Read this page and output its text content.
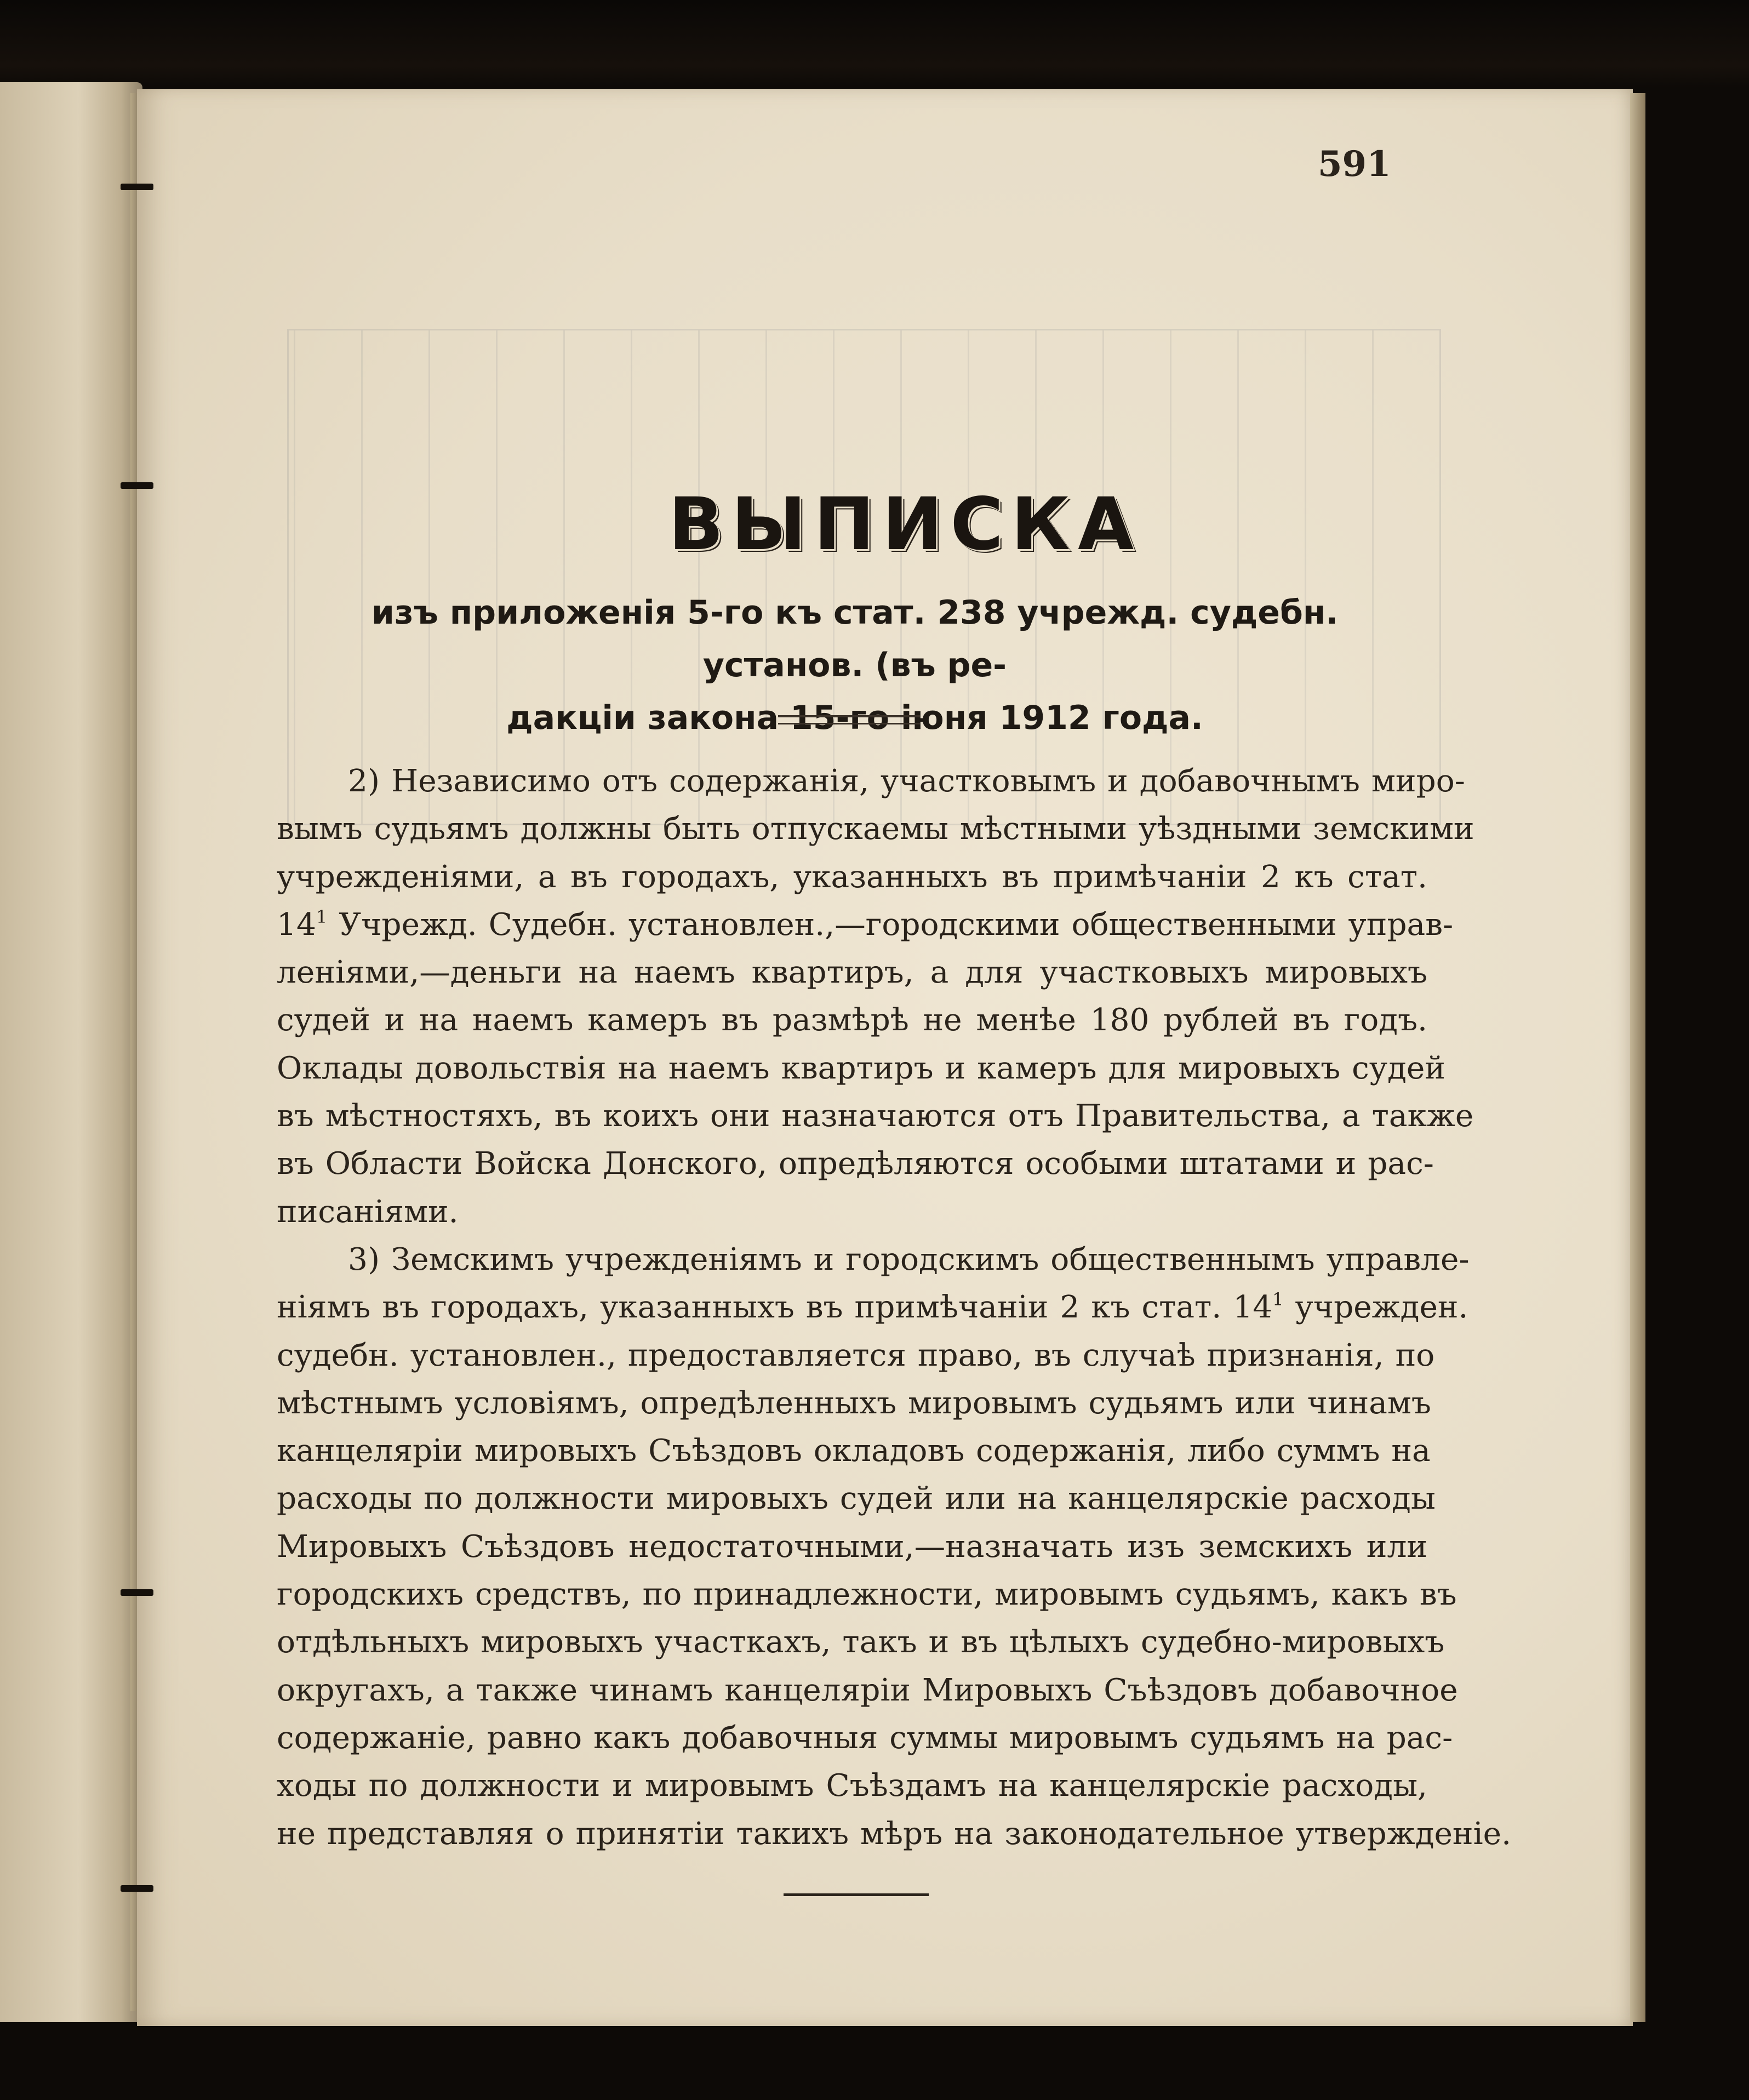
591
ВЫПИСКА
изъ приложенія 5-го къ стат. 238 учрежд. судебн. установ. (въ ре-
дакціи закона 15-го іюня 1912 года.
2) Независимо отъ содержанія, участковымъ и добавочнымъ миро-
вымъ судьямъ должны быть отпускаемы мѣстными уѣздными земскими
учрежденіями, а въ городахъ, указанныхъ въ примѣчаніи 2 къ стат.
$14^1$ Учрежд. Судебн. установлен.,—городскими общественными управ-
леніями,—деньги на наемъ квартиръ, а для участковыхъ мировыхъ
судей и на наемъ камеръ въ размѣрѣ не менѣе 180 рублей въ годъ.
Оклады довольствія на наемъ квартиръ и камеръ для мировыхъ судей
въ мѣстностяхъ, въ коихъ они назначаются отъ Правительства, а также
въ Области Войска Донского, опредѣляются особыми штатами и рас-
писаніями.
3) Земскимъ учрежденіямъ и городскимъ общественнымъ управле-
ніямъ въ городахъ, указанныхъ въ примѣчаніи 2 къ стат. $14^1$ учрежден.
судебн. установлен., предоставляется право, въ случаѣ признанія, по
мѣстнымъ условіямъ, опредѣленныхъ мировымъ судьямъ или чинамъ
канцеляріи мировыхъ Съѣздовъ окладовъ содержанія, либо суммъ на
расходы по должности мировыхъ судей или на канцелярскіе расходы
Мировыхъ Съѣздовъ недостаточными,—назначать изъ земскихъ или
городскихъ средствъ, по принадлежности, мировымъ судьямъ, какъ въ
отдѣльныхъ мировыхъ участкахъ, такъ и въ цѣлыхъ судебно-мировыхъ
округахъ, а также чинамъ канцеляріи Мировыхъ Съѣздовъ добавочное
содержаніе, равно какъ добавочныя суммы мировымъ судьямъ на рас-
ходы по должности и мировымъ Съѣздамъ на канцелярскіе расходы,
не представляя о принятіи такихъ мѣръ на законодательное утвержденіе.
